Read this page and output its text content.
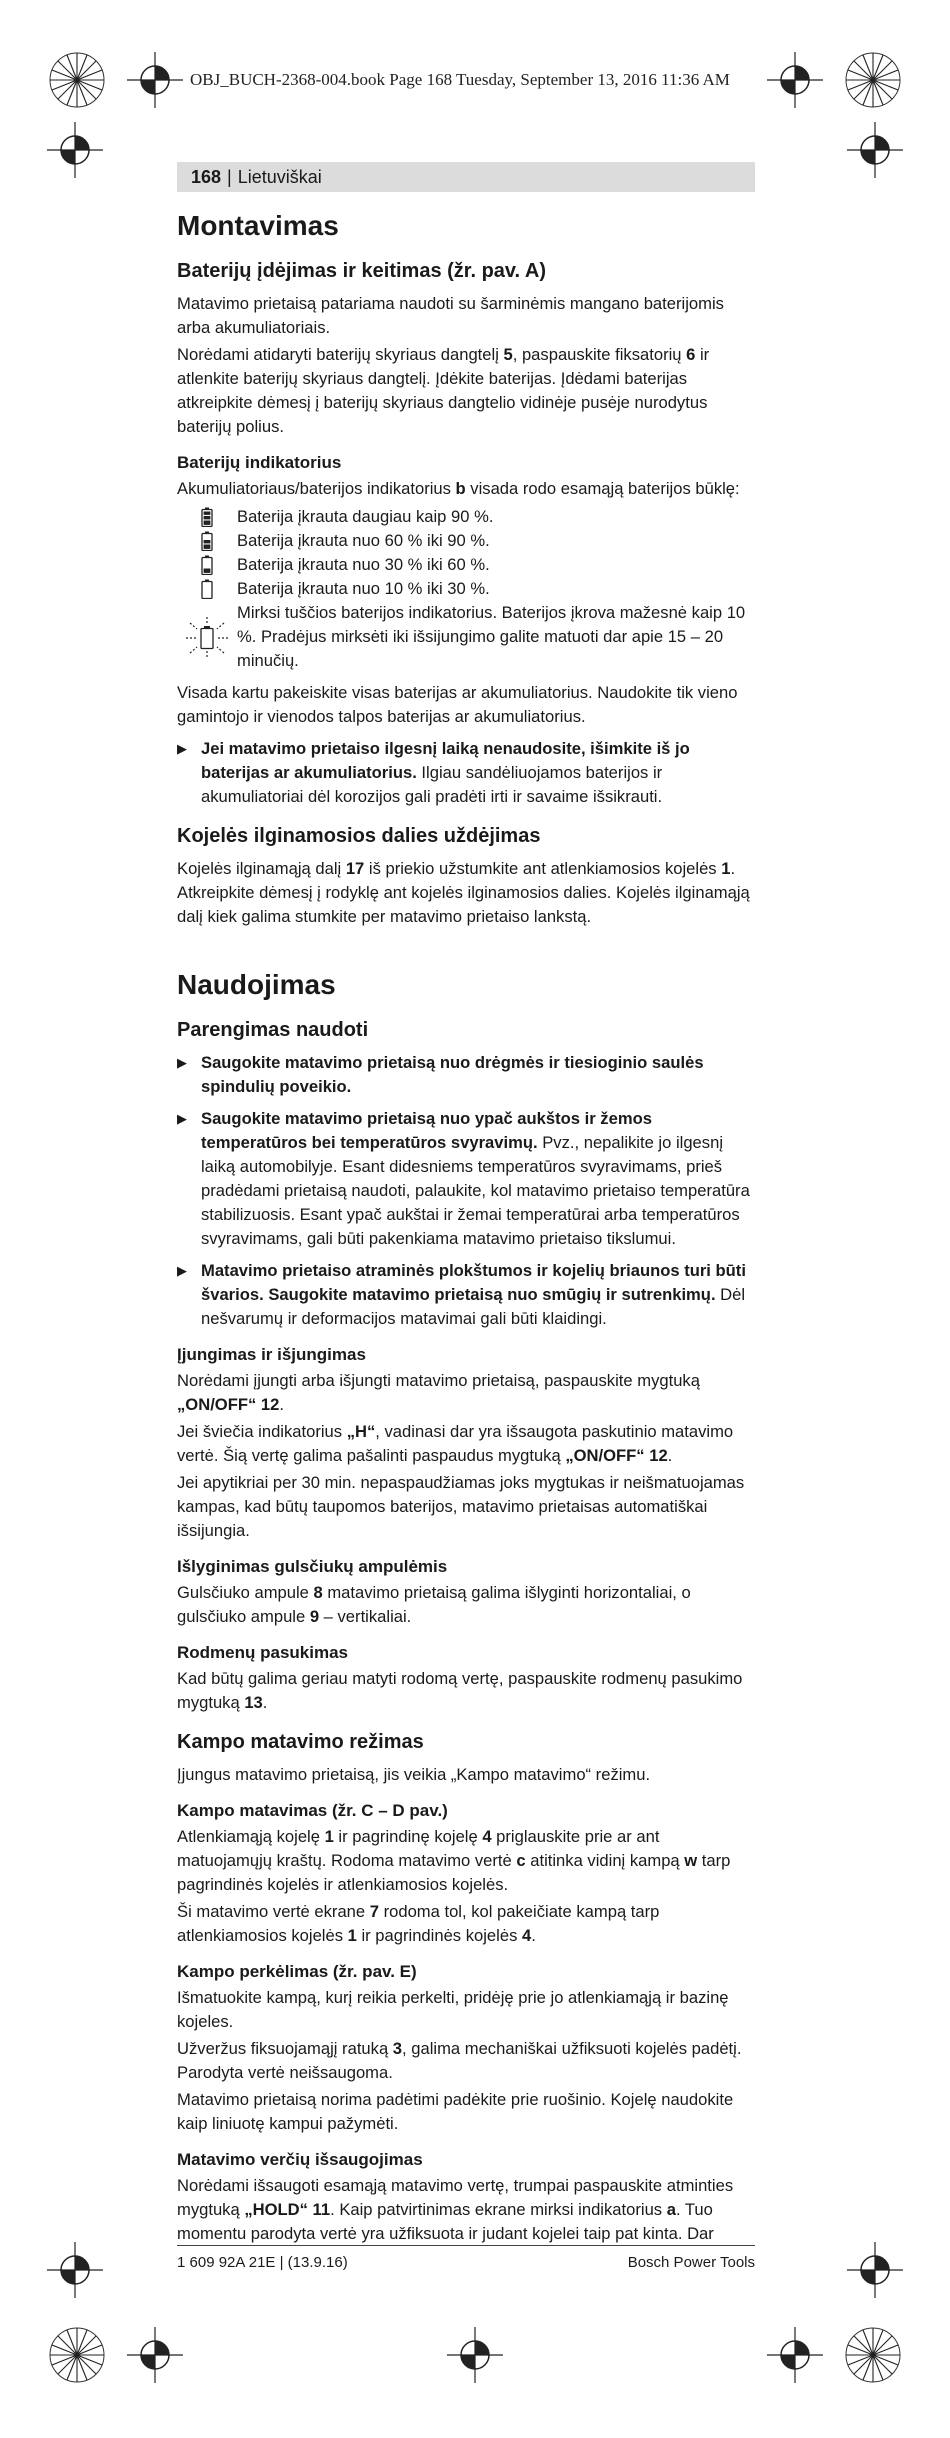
OBJ_BUCH-2368-004.book Page 168 Tuesday, September 13, 2016 11:36 AM
168 | Lietuviškai
Montavimas
Baterijų įdėjimas ir keitimas (žr. pav. A)

Matavimo prietaisą patariama naudoti su šarminėmis mangano baterijomis arba akumuliatoriais.

Norėdami atidaryti baterijų skyriaus dangtelį 5, paspauskite fiksatorių 6 ir atlenkite baterijų skyriaus dangtelį. Įdėkite baterijas. Įdėdami baterijas atkreipkite dėmesį į baterijų skyriaus dangtelio vidinėje pusėje nurodytus baterijų polius.

Baterijų indikatorius

Akumuliatoriaus/baterijos indikatorius b visada rodo esamąją baterijos būklę:

Baterija įkrauta daugiau kaip 90 %.
Baterija įkrauta nuo 60 % iki 90 %.
Baterija įkrauta nuo 30 % iki 60 %.
Baterija įkrauta nuo 10 % iki 30 %.
Mirksi tuščios baterijos indikatorius. Baterijos įkrova mažesnė kaip 10 %. Pradėjus mirksėti iki išsijungimo galite matuoti dar apie 15 – 20 minučių.

Visada kartu pakeiskite visas baterijas ar akumuliatorius. Naudokite tik vieno gamintojo ir vienodos talpos baterijas ar akumuliatorius.

▶ Jei matavimo prietaiso ilgesnį laiką nenaudosite, išimkite iš jo baterijas ar akumuliatorius. Ilgiau sandėliuojamos baterijos ir akumuliatoriai dėl korozijos gali pradėti irti ir savaime išsikrauti.
Kojelės ilginamosios dalies uždėjimas

Kojelės ilginamąją dalį 17 iš priekio užstumkite ant atlenkiamosios kojelės 1. Atkreipkite dėmesį į rodyklę ant kojelės ilginamosios dalies. Kojelės ilginamąją dalį kiek galima stumkite per matavimo prietaiso lankstą.

Naudojimas
Parengimas naudoti
▶ Saugokite matavimo prietaisą nuo drėgmės ir tiesioginio saulės spindulių poveikio.
▶ Saugokite matavimo prietaisą nuo ypač aukštos ir žemos temperatūros bei temperatūros svyravimų. Pvz., nepalikite jo ilgesnį laiką automobilyje. Esant didesniems temperatūros svyravimams, prieš pradėdami prietaisą naudoti, palaukite, kol matavimo prietaiso temperatūra stabilizuosis. Esant ypač aukštai ir žemai temperatūrai arba temperatūros svyravimams, gali būti pakenkiama matavimo prietaiso tikslumui.
▶ Matavimo prietaiso atraminės plokštumos ir kojelių briaunos turi būti švarios. Saugokite matavimo prietaisą nuo smūgių ir sutrenkimų. Dėl nešvarumų ir deformacijos matavimai gali būti klaidingi.
Įjungimas ir išjungimas

Norėdami įjungti arba išjungti matavimo prietaisą, paspauskite mygtuką „ON/OFF“ 12.

Jei šviečia indikatorius „H“, vadinasi dar yra išsaugota paskutinio matavimo vertė. Šią vertę galima pašalinti paspaudus mygtuką „ON/OFF“ 12.

Jei apytikriai per 30 min. nepaspaudžiamas joks mygtukas ir neišmatuojamas kampas, kad būtų taupomos baterijos, matavimo prietaisas automatiškai išsijungia.

Išlyginimas gulsčiukų ampulėmis

Gulsčiuko ampule 8 matavimo prietaisą galima išlyginti horizontaliai, o gulsčiuko ampule 9 – vertikaliai.

Rodmenų pasukimas

Kad būtų galima geriau matyti rodomą vertę, paspauskite rodmenų pasukimo mygtuką 13.

Kampo matavimo režimas

Įjungus matavimo prietaisą, jis veikia „Kampo matavimo“ režimu.

Kampo matavimas (žr. C – D pav.)

Atlenkiamąją kojelę 1 ir pagrindinę kojelę 4 priglauskite prie ar ant matuojamųjų kraštų. Rodoma matavimo vertė c atitinka vidinį kampą w tarp pagrindinės kojelės ir atlenkiamosios kojelės.

Ši matavimo vertė ekrane 7 rodoma tol, kol pakeičiate kampą tarp atlenkiamosios kojelės 1 ir pagrindinės kojelės 4.

Kampo perkėlimas (žr. pav. E)

Išmatuokite kampą, kurį reikia perkelti, pridėję prie jo atlenkiamąją ir bazinę kojeles.

Užveržus fiksuojamąjį ratuką 3, galima mechaniškai užfiksuoti kojelės padėtį. Parodyta vertė neišsaugoma.

Matavimo prietaisą norima padėtimi padėkite prie ruošinio. Kojelę naudokite kaip liniuotę kampui pažymėti.

Matavimo verčių išsaugojimas

Norėdami išsaugoti esamąją matavimo vertę, trumpai paspauskite atminties mygtuką „HOLD“ 11. Kaip patvirtinimas ekrane mirksi indikatorius a. Tuo momentu parodyta vertė yra užfiksuota ir judant kojelei taip pat kinta. Dar

1 609 92A 21E | (13.9.16)	Bosch Power Tools
